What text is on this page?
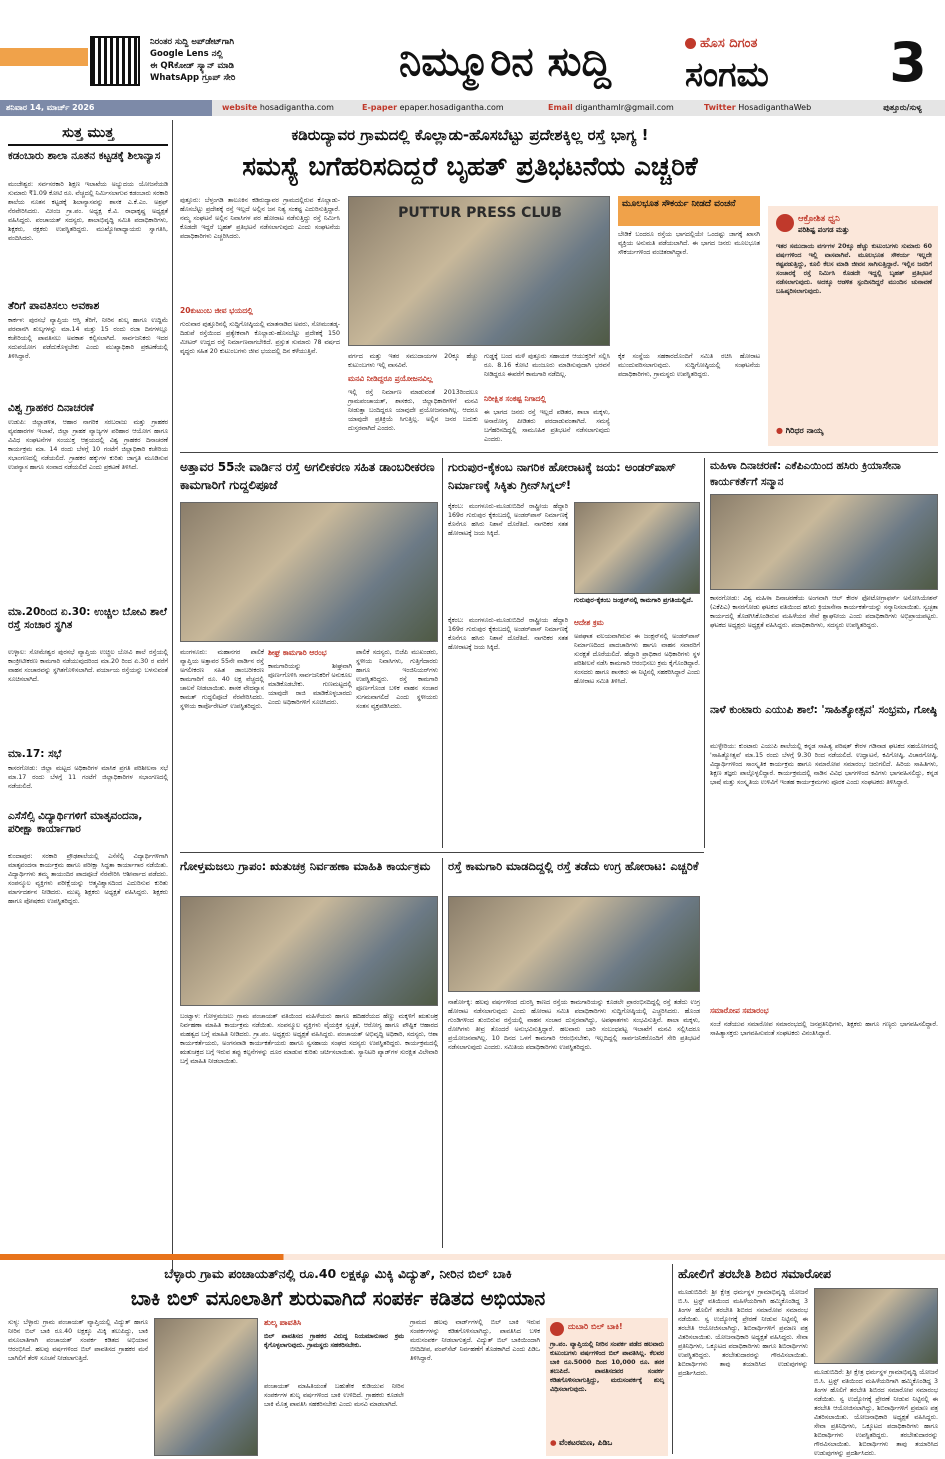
ನಿರಂತರ ಸುದ್ದಿ ಅಪ್‌ಡೇಟ್‌ಗಾಗಿ
Google Lens ನಲ್ಲಿ
ಈ QRಕೋಡ್ ಸ್ಕ್ಯಾನ್ ಮಾಡಿ
WhatsApp ಗ್ರೂಪ್ ಸೇರಿ	ನಿಮ್ಮೂರಿನ ಸುದ್ದಿ	ಹೊಸ ದಿಗಂತ
ಸಂಗಮ	3
ಶನಿವಾರ 14, ಮಾರ್ಚ್ 2026	website hosadigantha.com	E-paper epaper.hosadigantha.com	Email diganthamlr@gmail.com	Twitter HosadiganthaWeb	ಪುತ್ತೂರು/ಸುಳ್ಯ
ಸುತ್ತ ಮುತ್ತ
ಕಡಂಬಾರು ಶಾಲಾ ನೂತನ ಕಟ್ಟಡಕ್ಕೆ ಶಿಲಾನ್ಯಾಸ
ಮಂಜೇಶ್ವರ: ಸರ್ವಸರಕಾರಿ ಶಿಕ್ಷಣ ಇಲಾಖೆಯ ಅಭ್ಯುದಯ ಯೋಜನೆಯಡಿ ಸುಮಾರು ₹1.09 ಕೋಟಿ ರೂ. ವೆಚ್ಚದಲ್ಲಿ ನಿರ್ಮಿಸಲಾಗುವ ಕಡಂಬಾರು ಸರಕಾರಿ ಶಾಲೆಯ ನೂತನ ಕಟ್ಟಡಕ್ಕೆ ಶಿಲಾನ್ಯಾಸವನ್ನು ಶಾಸಕ ಎ.ಕೆ.ಎಂ. ಅಶ್ರಫ್ ನೆರವೇರಿಸಿದರು. ಮೀಂಜ ಗ್ರಾ.ಪಂ. ಅಧ್ಯಕ್ಷ ಕೆ.ವಿ. ರಾಧಾಕೃಷ್ಣ ಅಧ್ಯಕ್ಷತೆ ವಹಿಸಿದ್ದರು. ಪಂಚಾಯತ್ ಸದಸ್ಯರು, ಶಾಲಾಭಿವೃದ್ಧಿ ಸಮಿತಿ ಪದಾಧಿಕಾರಿಗಳು, ಶಿಕ್ಷಕರು, ರಕ್ಷಕರು ಉಪಸ್ಥಿತರಿದ್ದರು. ಮುಖ್ಯೋಪಾಧ್ಯಾಯರು ಸ್ವಾಗತಿಸಿ, ವಂದಿಸಿದರು.
ತೆರಿಗೆ ಪಾವತಿಸಲು ಅವಕಾಶ
ಕಾರ್ಕಳ: ಪುರಸಭೆ ವ್ಯಾಪ್ತಿಯ ಆಸ್ತಿ ತೆರಿಗೆ, ನೀರಿನ ಶುಲ್ಕ ಹಾಗೂ ಉದ್ದಿಮೆ ಪರವಾನಗಿ ಶುಲ್ಕಗಳನ್ನು ಮಾ.14 ಮತ್ತು 15 ರಂದು ರಜಾ ದಿನಗಳಲ್ಲೂ ಕಚೇರಿಯಲ್ಲಿ ಪಾವತಿಸಲು ಅವಕಾಶ ಕಲ್ಪಿಸಲಾಗಿದೆ. ಸಾರ್ವಜನಿಕರು ಇದರ ಸದುಪಯೋಗ ಪಡೆದುಕೊಳ್ಳಬೇಕು ಎಂದು ಮುಖ್ಯಾಧಿಕಾರಿ ಪ್ರಕಟಣೆಯಲ್ಲಿ ತಿಳಿಸಿದ್ದಾರೆ.
ವಿಶ್ವ ಗ್ರಾಹಕರ ದಿನಾಚರಣೆ
ಉಡುಪಿ: ಜಿಲ್ಲಾಡಳಿತ, ಆಹಾರ ನಾಗರಿಕ ಸರಬರಾಜು ಮತ್ತು ಗ್ರಾಹಕರ ವ್ಯವಹಾರಗಳ ಇಲಾಖೆ, ಜಿಲ್ಲಾ ಗ್ರಾಹಕ ವ್ಯಾಜ್ಯಗಳ ಪರಿಹಾರ ಆಯೋಗ ಹಾಗೂ ವಿವಿಧ ಸಂಘಟನೆಗಳ ಸಂಯುಕ್ತ ಆಶ್ರಯದಲ್ಲಿ ವಿಶ್ವ ಗ್ರಾಹಕರ ದಿನಾಚರಣೆ ಕಾರ್ಯಕ್ರಮ ಮಾ. 14 ರಂದು ಬೆಳಗ್ಗೆ 10 ಗಂಟೆಗೆ ಜಿಲ್ಲಾಧಿಕಾರಿ ಕಚೇರಿಯ ಸಭಾಂಗಣದಲ್ಲಿ ನಡೆಯಲಿದೆ. ಗ್ರಾಹಕರ ಹಕ್ಕುಗಳ ಕುರಿತು ಜಾಗೃತಿ ಮೂಡಿಸುವ ಉಪನ್ಯಾಸ ಹಾಗೂ ಸಂವಾದ ನಡೆಯಲಿದೆ ಎಂದು ಪ್ರಕಟಣೆ ತಿಳಿಸಿದೆ.
ಮಾ.20ರಿಂದ ಏ.30: ಉಚ್ಚಿಲ ಬೋವಿ ಶಾಲೆ ರಸ್ತೆ ಸಂಚಾರ ಸ್ಥಗಿತ
ಉಳ್ಳಾಲ: ಸೋಮೇಶ್ವರ ಪುರಸಭೆ ವ್ಯಾಪ್ತಿಯ ಉಚ್ಚಿಲ ಬೋವಿ ಶಾಲೆ ರಸ್ತೆಯಲ್ಲಿ ಕಾಂಕ್ರೀಟೀಕರಣ ಕಾಮಗಾರಿ ನಡೆಯುವುದರಿಂದ ಮಾ.20 ರಿಂದ ಏ.30 ರ ವರೆಗೆ ವಾಹನ ಸಂಚಾರವನ್ನು ಸ್ಥಗಿತಗೊಳಿಸಲಾಗಿದೆ. ಪರ್ಯಾಯ ರಸ್ತೆಯನ್ನು ಬಳಸುವಂತೆ ಸೂಚಿಸಲಾಗಿದೆ.
ಮಾ.17: ಸಭೆ
ಕಾಸರಗೋಡು: ಜಿಲ್ಲಾ ಮಟ್ಟದ ಅಧಿಕಾರಿಗಳ ಮಾಸಿಕ ಪ್ರಗತಿ ಪರಿಶೀಲನಾ ಸಭೆ ಮಾ.17 ರಂದು ಬೆಳಗ್ಗೆ 11 ಗಂಟೆಗೆ ಜಿಲ್ಲಾಧಿಕಾರಿಗಳ ಸಭಾಂಗಣದಲ್ಲಿ ನಡೆಯಲಿದೆ.
ಎಸೆಸೆಲ್ಸಿ ವಿದ್ಯಾರ್ಥಿಗಳಿಗೆ ಮಾತೃವಂದನಾ, ಪರೀಕ್ಷಾ ಕಾರ್ಯಾಗಾರ
ಕುಂದಾಪುರ: ಸರಕಾರಿ ಪ್ರೌಢಶಾಲೆಯಲ್ಲಿ ಎಸೆಸೆಲ್ಸಿ ವಿದ್ಯಾರ್ಥಿಗಳಿಗಾಗಿ ಮಾತೃವಂದನಾ ಕಾರ್ಯಕ್ರಮ ಹಾಗೂ ಪರೀಕ್ಷಾ ಸಿದ್ಧತಾ ಕಾರ್ಯಾಗಾರ ನಡೆಯಿತು. ವಿದ್ಯಾರ್ಥಿಗಳು ತಮ್ಮ ತಾಯಂದಿರ ಪಾದಪೂಜೆ ನೆರವೇರಿಸಿ ಆಶೀರ್ವಾದ ಪಡೆದರು. ಸಂಪನ್ಮೂಲ ವ್ಯಕ್ತಿಗಳು ಪರೀಕ್ಷೆಯನ್ನು ಆತ್ಮವಿಶ್ವಾಸದಿಂದ ಎದುರಿಸುವ ಕುರಿತು ಮಾರ್ಗದರ್ಶನ ನೀಡಿದರು. ಮುಖ್ಯ ಶಿಕ್ಷಕರು ಅಧ್ಯಕ್ಷತೆ ವಹಿಸಿದ್ದರು. ಶಿಕ್ಷಕರು ಹಾಗೂ ಪೋಷಕರು ಉಪಸ್ಥಿತರಿದ್ದರು.
ಕಡಿರುದ್ಯಾವರ ಗ್ರಾಮದಲ್ಲಿ ಕೊಲ್ಲಾಡು-ಹೊಸಬೆಟ್ಟು ಪ್ರದೇಶಕ್ಕಿಲ್ಲ ರಸ್ತೆ ಭಾಗ್ಯ !
ಸಮಸ್ಯೆ ಬಗೆಹರಿಸದಿದ್ದರೆ ಬೃಹತ್ ಪ್ರತಿಭಟನೆಯ ಎಚ್ಚರಿಕೆ
ಪುತ್ತೂರು: ಬೆಳ್ತಂಗಡಿ ತಾಲೂಕಿನ ಕಡಿರುದ್ಯಾವರ ಗ್ರಾಮದಲ್ಲಿರುವ ಕೊಲ್ಲಾಡು-ಹೊಸಬೆಟ್ಟು ಪ್ರದೇಶಕ್ಕೆ ರಸ್ತೆ ಇಲ್ಲದೆ ಅಲ್ಲಿನ ಜನ ನಿತ್ಯ ಸಂಕಷ್ಟ ಎದುರಿಸುತ್ತಿದ್ದಾರೆ. ನಮ್ಮ ಸಂಘಟನೆ ಅಲ್ಲಿನ ನಿವಾಸಿಗಳ ಪರ ಹೋರಾಟ ನಡೆಸುತ್ತಿದ್ದು ರಸ್ತೆ ನಿರ್ಮಿಸಿ ಕೊಡದೇ ಇದ್ದರೆ ಬೃಹತ್ ಪ್ರತಿಭಟನೆ ನಡೆಸಲಾಗುವುದು ಎಂದು ಸಂಘಟನೆಯ ಪದಾಧಿಕಾರಿಗಳು ಎಚ್ಚರಿಸಿದರು.
20ಕುಟುಂಬ ಜೀವ ಭಯದಲ್ಲಿ
ಗುರುವಾರ ಪುತ್ತೂರಿನಲ್ಲಿ ಸುದ್ದಿಗೋಷ್ಠಿಯಲ್ಲಿ ಮಾತನಾಡಿದ ಅವರು, ಸೋಮಂತಡ್ಕ-ದಿಡುಪೆ ರಸ್ತೆಯಿಂದ ಪ್ರತ್ಯೇಕವಾಗಿ ಕೊಲ್ಲಾಡು-ಹೊಸಬೆಟ್ಟು ಪ್ರದೇಶಕ್ಕೆ 150 ಮೀಟರ್ ಉದ್ದದ ರಸ್ತೆ ನಿರ್ಮಾಣವಾಗಬೇಕಿದೆ. ಪ್ರಸ್ತುತ ಸುಮಾರು 78 ವರ್ಷದ ವೃದ್ಧರು ಸಹಿತ 20 ಕುಟುಂಬಗಳು ಜೀವ ಭಯದಲ್ಲಿ ದಿನ ಕಳೆಯುತ್ತಿವೆ.
PUTTUR PRESS CLUB
ವರ್ಗದ ಮತ್ತು ಇತರ ಸಮುದಾಯಗಳ 20ಕ್ಕೂ ಹೆಚ್ಚು ಕುಟುಂಬಗಳು ಇಲ್ಲಿ ವಾಸವಿವೆ.
ಮನವಿ ನೀಡಿದ್ದರೂ ಪ್ರಯೋಜನವಿಲ್ಲ
ಇಲ್ಲಿ ರಸ್ತೆ ನಿರ್ಮಾಣ ಮಾಡುವಂತೆ 2013ರಿಂದಲೂ ಗ್ರಾಮಪಂಚಾಯತ್, ಶಾಸಕರು, ಜಿಲ್ಲಾಧಿಕಾರಿಗಳಿಗೆ ಮನವಿ ನೀಡುತ್ತಾ ಬಂದಿದ್ದರೂ ಯಾವುದೇ ಪ್ರಯೋಜನವಾಗಿಲ್ಲ. ಆದರೂ ಯಾವುದೇ ಪ್ರತಿಕ್ರಿಯೆ ಸಿಗುತ್ತಿಲ್ಲ. ಅಲ್ಲಿನ ಜನರ ಬದುಕು ದುಸ್ತರವಾಗಿದೆ ಎಂದರು.
ಗುಡ್ಡಕ್ಕೆ ಬಂದ ಮಳೆ ಪುತ್ತೂರು ಸಹಾಯಕ ಆಯುಕ್ತರಿಗೆ ಸಲ್ಲಿಸಿ ರೂ. 8.16 ಕೋಟಿ ಮಂಜೂರು ಮಾಡಿಸುವುದಾಗಿ ಭರವಸೆ ನೀಡಿದ್ದರೂ ಈವರೆಗೆ ಕಾಮಗಾರಿ ನಡೆದಿಲ್ಲ.
ನಿರೀಕ್ಷಿತ ಸಂಕಷ್ಟ ನಿಗಾದಲ್ಲಿ
ಈ ಭಾಗದ ಜನರು ರಸ್ತೆ ಇಲ್ಲದೆ ಪಡಿತರ, ಶಾಲಾ ಮಕ್ಕಳು, ಅನಾರೋಗ್ಯ ಪೀಡಿತರು ಪರದಾಡುವಂತಾಗಿದೆ. ಸಮಸ್ಯೆ ಬಗೆಹರಿಸದಿದ್ದಲ್ಲಿ ಸಾಮೂಹಿಕ ಪ್ರತಿಭಟನೆ ನಡೆಸಲಾಗುವುದು ಎಂದರು.
ಮೂಲಭೂತ ಸೌಕರ್ಯ ನೀಡದೆ ವಂಚನೆ
ಬೇಡಿಕೆ ಬಂದರೂ ರಸ್ತೆಯ ಭಾಗದಲ್ಲಿಯೇ ಒಂದಷ್ಟು ಜಾಗಕ್ಕೆ ಖಾಸಗಿ ವ್ಯಕ್ತಿಯ ಅನುಮತಿ ಪಡೆಯಲಾಗಿದೆ. ಈ ಭಾಗದ ಜನರು ಮೂಲಭೂತ ಸೌಕರ್ಯಗಳಿಂದ ವಂಚಿತರಾಗಿದ್ದಾರೆ.
ಕೈಕ ಸಂಸ್ಥೆಯ ಸಹಕಾರದೊಂದಿಗೆ ಸಮಿತಿ ರಚಿಸಿ ಹೋರಾಟ ಮುಂದುವರಿಸಲಾಗುವುದು. ಸುದ್ದಿಗೋಷ್ಠಿಯಲ್ಲಿ ಸಂಘಟನೆಯ ಪದಾಧಿಕಾರಿಗಳು, ಗ್ರಾಮಸ್ಥರು ಉಪಸ್ಥಿತರಿದ್ದರು.
ಆಕ್ರೋಶಿತ ಧ್ವನಿ
ಪರಿಶಿಷ್ಟ ಪಂಗಡ ಮತ್ತು
ಇತರ ಸಮುದಾಯ ವರ್ಗಗಳ 20ಕ್ಕೂ ಹೆಚ್ಚು ಕುಟುಂಬಗಳು ಸುಮಾರು 60 ವರ್ಷಗಳಿಂದ ಇಲ್ಲಿ ವಾಸವಾಗಿವೆ. ಮೂಲಭೂತ ಸೌಕರ್ಯ ಇಲ್ಲದೇ ಕಷ್ಟಪಡುತ್ತಿದ್ದು, ಕೂಲಿ ಕೆಲಸ ಮಾಡಿ ಜೀವನ ಸಾಗಿಸುತ್ತಿದ್ದಾರೆ. ಇಲ್ಲಿನ ಜನರಿಗೆ ಸಂಚಾರಕ್ಕೆ ರಸ್ತೆ ನಿರ್ಮಿಸಿ ಕೊಡದೇ ಇದ್ದಲ್ಲಿ ಬೃಹತ್ ಪ್ರತಿಭಟನೆ ನಡೆಸಲಾಗುವುದು. ಅದಕ್ಕೂ ಆಡಳಿತ ಸ್ಪಂದಿಸದಿದ್ದರೆ ಮುಂದಿನ ಚುನಾವಣೆ ಬಹಿಷ್ಕರಿಸಲಾಗುವುದು.
● ಗಿರಿಧರ ನಾಯ್ಕ
ಅತ್ತಾವರ 55ನೇ ವಾರ್ಡಿನ ರಸ್ತೆ ಅಗಲೀಕರಣ ಸಹಿತ ಡಾಂಬರೀಕರಣ ಕಾಮಗಾರಿಗೆ ಗುದ್ದಲಿಪೂಜೆ
ಮಂಗಳೂರು: ಮಹಾನಗರ ಪಾಲಿಕೆ ವ್ಯಾಪ್ತಿಯ ಅತ್ತಾವರ 55ನೇ ವಾರ್ಡಿನ ರಸ್ತೆ ಅಗಲೀಕರಣ ಸಹಿತ ಡಾಂಬರೀಕರಣ ಕಾಮಗಾರಿಗೆ ರೂ. 40 ಲಕ್ಷ ವೆಚ್ಚದಲ್ಲಿ ಚಾಲನೆ ನೀಡಲಾಯಿತು. ಶಾಸಕ ವೇದವ್ಯಾಸ ಕಾಮತ್ ಗುದ್ದಲಿಪೂಜೆ ನೆರವೇರಿಸಿದರು. ಸ್ಥಳೀಯ ಕಾರ್ಪೊರೇಟರ್ ಉಪಸ್ಥಿತರಿದ್ದರು.
ಶೀಘ್ರ ಕಾಮಗಾರಿ ಆರಂಭ
ಕಾಮಗಾರಿಯನ್ನು ಶೀಘ್ರವಾಗಿ ಪೂರ್ಣಗೊಳಿಸಿ ಸಾರ್ವಜನಿಕರಿಗೆ ಅನುಕೂಲ ಮಾಡಿಕೊಡಬೇಕು. ಗುಣಮಟ್ಟದಲ್ಲಿ ಯಾವುದೇ ರಾಜಿ ಮಾಡಿಕೊಳ್ಳಬಾರದು ಎಂದು ಅಧಿಕಾರಿಗಳಿಗೆ ಸೂಚಿಸಿದರು.
ಪಾಲಿಕೆ ಸದಸ್ಯರು, ಬಿಜೆಪಿ ಮುಖಂಡರು, ಸ್ಥಳೀಯ ನಿವಾಸಿಗಳು, ಗುತ್ತಿಗೆದಾರರು ಹಾಗೂ ಇಂಜಿನಿಯರ್‌ಗಳು ಉಪಸ್ಥಿತರಿದ್ದರು. ರಸ್ತೆ ಕಾಮಗಾರಿ ಪೂರ್ಣಗೊಂಡ ಬಳಿಕ ವಾಹನ ಸಂಚಾರ ಸುಗಮವಾಗಲಿದೆ ಎಂದು ಸ್ಥಳೀಯರು ಸಂತಸ ವ್ಯಕ್ತಪಡಿಸಿದರು.
ಗುರುಪುರ-ಕೈಕಂಬ ನಾಗರಿಕ ಹೋರಾಟಕ್ಕೆ ಜಯ: ಅಂಡರ್‌ಪಾಸ್ ನಿರ್ಮಾಣಕ್ಕೆ ಸಿಕ್ಕಿತು ಗ್ರೀನ್‌ಸಿಗ್ನಲ್!
ಕೈಕಂಬ: ಮಂಗಳೂರು-ಮೂಡುಬಿದಿರೆ ರಾಷ್ಟ್ರೀಯ ಹೆದ್ದಾರಿ 169ರ ಗುರುಪುರ ಕೈಕಂಬದಲ್ಲಿ ಅಂಡರ್‌ಪಾಸ್ ನಿರ್ಮಾಣಕ್ಕೆ ಕೊನೆಗೂ ಹಸಿರು ನಿಶಾನೆ ದೊರೆತಿದೆ. ನಾಗರಿಕರ ಸತತ ಹೋರಾಟಕ್ಕೆ ಜಯ ಸಿಕ್ಕಿದೆ.
ಗುರುಪುರ-ಕೈಕಂಬ ಜಂಕ್ಷನ್‌ನಲ್ಲಿ ಕಾಮಗಾರಿ ಪ್ರಗತಿಯಲ್ಲಿದೆ.
ಆದೇಶ ಕ್ರಮ
ಅಪಘಾತ ವಲಯವಾಗಿರುವ ಈ ಜಂಕ್ಷನ್‌ನಲ್ಲಿ ಅಂಡರ್‌ಪಾಸ್ ನಿರ್ಮಾಣದಿಂದ ಪಾದಚಾರಿಗಳು ಹಾಗೂ ವಾಹನ ಸವಾರರಿಗೆ ಸುರಕ್ಷತೆ ದೊರೆಯಲಿದೆ. ಹೆದ್ದಾರಿ ಪ್ರಾಧಿಕಾರ ಅಧಿಕಾರಿಗಳು ಸ್ಥಳ ಪರಿಶೀಲನೆ ನಡೆಸಿ ಕಾಮಗಾರಿ ಆರಂಭಿಸಲು ಕ್ರಮ ಕೈಗೊಂಡಿದ್ದಾರೆ. ಸಂಸದರು ಹಾಗೂ ಶಾಸಕರು ಈ ನಿಟ್ಟಿನಲ್ಲಿ ಸಹಕರಿಸಿದ್ದಾರೆ ಎಂದು ಹೋರಾಟ ಸಮಿತಿ ತಿಳಿಸಿದೆ.
ಕೈಕಂಬ: ಮಂಗಳೂರು-ಮೂಡುಬಿದಿರೆ ರಾಷ್ಟ್ರೀಯ ಹೆದ್ದಾರಿ 169ರ ಗುರುಪುರ ಕೈಕಂಬದಲ್ಲಿ ಅಂಡರ್‌ಪಾಸ್ ನಿರ್ಮಾಣಕ್ಕೆ ಕೊನೆಗೂ ಹಸಿರು ನಿಶಾನೆ ದೊರೆತಿದೆ. ನಾಗರಿಕರ ಸತತ ಹೋರಾಟಕ್ಕೆ ಜಯ ಸಿಕ್ಕಿದೆ.
ಮಹಿಳಾ ದಿನಾಚರಣೆ: ಎಕೆಪಿಎಯಿಂದ ಹಸಿರು ಕ್ರಿಯಾಸೇನಾ ಕಾರ್ಯಕರ್ತೆಗೆ ಸನ್ಮಾನ
ಕಾಸರಗೋಡು: ವಿಶ್ವ ಮಹಿಳಾ ದಿನಾಚರಣೆಯ ಅಂಗವಾಗಿ ಆಲ್ ಕೇರಳ ಫೋಟೋಗ್ರಾಫರ್ಸ್ ಅಸೋಸಿಯೇಶನ್ (ಎಕೆಪಿಎ) ಕಾಸರಗೋಡು ಘಟಕದ ವತಿಯಿಂದ ಹಸಿರು ಕ್ರಿಯಾಸೇನಾ ಕಾರ್ಯಕರ್ತೆಯನ್ನು ಸನ್ಮಾನಿಸಲಾಯಿತು. ಸ್ವಚ್ಛತಾ ಕಾರ್ಯದಲ್ಲಿ ತೊಡಗಿಸಿಕೊಂಡಿರುವ ಮಹಿಳೆಯರ ಸೇವೆ ಶ್ಲಾಘನೀಯ ಎಂದು ಪದಾಧಿಕಾರಿಗಳು ಅಭಿಪ್ರಾಯಪಟ್ಟರು. ಘಟಕದ ಅಧ್ಯಕ್ಷರು ಅಧ್ಯಕ್ಷತೆ ವಹಿಸಿದ್ದರು. ಪದಾಧಿಕಾರಿಗಳು, ಸದಸ್ಯರು ಉಪಸ್ಥಿತರಿದ್ದರು.
ನಾಳೆ ಕುಂಟಾರು ಎಯುಪಿ ಶಾಲೆ: 'ಸಾಹಿತ್ಯೋತ್ಸವ' ಸಂಭ್ರಮ, ಗೋಷ್ಠಿ
ಮುಳ್ಳೇರಿಯ: ಕುಂಟಾರು ಎಯುಪಿ ಶಾಲೆಯಲ್ಲಿ ಕನ್ನಡ ಸಾಹಿತ್ಯ ಪರಿಷತ್ ಕೇರಳ ಗಡಿನಾಡ ಘಟಕದ ಸಹಯೋಗದಲ್ಲಿ 'ಸಾಹಿತ್ಯೋತ್ಸವ' ಮಾ.15 ರಂದು ಬೆಳಗ್ಗೆ 9.30 ರಿಂದ ನಡೆಯಲಿದೆ. ಉದ್ಘಾಟನೆ, ಕವಿಗೋಷ್ಠಿ, ವಿಚಾರಗೋಷ್ಠಿ, ವಿದ್ಯಾರ್ಥಿಗಳಿಂದ ಸಾಂಸ್ಕೃತಿಕ ಕಾರ್ಯಕ್ರಮ ಹಾಗೂ ಸಮಾರೋಪ ಸಮಾರಂಭ ಜರುಗಲಿದೆ. ಹಿರಿಯ ಸಾಹಿತಿಗಳು, ಶಿಕ್ಷಣ ತಜ್ಞರು ಪಾಲ್ಗೊಳ್ಳಲಿದ್ದಾರೆ. ಕಾರ್ಯಕ್ರಮದಲ್ಲಿ ನಾಡಿನ ವಿವಿಧ ಭಾಗಗಳಿಂದ ಕವಿಗಳು ಭಾಗವಹಿಸಲಿದ್ದು, ಕನ್ನಡ ಭಾಷೆ ಮತ್ತು ಸಂಸ್ಕೃತಿಯ ಉಳಿವಿಗೆ ಇಂತಹ ಕಾರ್ಯಕ್ರಮಗಳು ಪೂರಕ ಎಂದು ಸಂಘಟಕರು ತಿಳಿಸಿದ್ದಾರೆ.
ಸಮಾರೋಪ ಸಮಾರಂಭ
ಸಂಜೆ ನಡೆಯುವ ಸಮಾರೋಪ ಸಮಾರಂಭದಲ್ಲಿ ಜನಪ್ರತಿನಿಧಿಗಳು, ಶಿಕ್ಷಕರು ಹಾಗೂ ಗಣ್ಯರು ಭಾಗವಹಿಸಲಿದ್ದಾರೆ. ಸಾಹಿತ್ಯಾಸಕ್ತರು ಭಾಗವಹಿಸುವಂತೆ ಸಂಘಟಕರು ವಿನಂತಿಸಿದ್ದಾರೆ.
ಗೋಳ್ತಮಜಲು ಗ್ರಾಪಂ: ಋತುಚಕ್ರ ನಿರ್ವಹಣಾ ಮಾಹಿತಿ ಕಾರ್ಯಕ್ರಮ
ಬಂಟ್ವಾಳ: ಗೋಳ್ತಮಜಲು ಗ್ರಾಮ ಪಂಚಾಯತ್ ವತಿಯಿಂದ ಮಹಿಳೆಯರು ಹಾಗೂ ಹದಿಹರೆಯದ ಹೆಣ್ಣು ಮಕ್ಕಳಿಗೆ ಋತುಚಕ್ರ ನಿರ್ವಹಣಾ ಮಾಹಿತಿ ಕಾರ್ಯಕ್ರಮ ನಡೆಯಿತು. ಸಂಪನ್ಮೂಲ ವ್ಯಕ್ತಿಗಳು ವೈಯಕ್ತಿಕ ಸ್ವಚ್ಛತೆ, ಆರೋಗ್ಯ ಹಾಗೂ ಪೌಷ್ಟಿಕ ಆಹಾರದ ಮಹತ್ವದ ಬಗ್ಗೆ ಮಾಹಿತಿ ನೀಡಿದರು. ಗ್ರಾ.ಪಂ. ಅಧ್ಯಕ್ಷರು ಅಧ್ಯಕ್ಷತೆ ವಹಿಸಿದ್ದರು. ಪಂಚಾಯತ್ ಅಭಿವೃದ್ಧಿ ಅಧಿಕಾರಿ, ಸದಸ್ಯರು, ಆಶಾ ಕಾರ್ಯಕರ್ತೆಯರು, ಅಂಗನವಾಡಿ ಕಾರ್ಯಕರ್ತೆಯರು ಹಾಗೂ ಸ್ವಸಹಾಯ ಸಂಘದ ಸದಸ್ಯರು ಉಪಸ್ಥಿತರಿದ್ದರು. ಕಾರ್ಯಕ್ರಮದಲ್ಲಿ ಋತುಚಕ್ರದ ಬಗ್ಗೆ ಇರುವ ತಪ್ಪು ಕಲ್ಪನೆಗಳನ್ನು ದೂರ ಮಾಡುವ ಕುರಿತು ಚರ್ಚಿಸಲಾಯಿತು. ಸ್ಯಾನಿಟರಿ ಪ್ಯಾಡ್‌ಗಳ ಸುರಕ್ಷಿತ ವಿಲೇವಾರಿ ಬಗ್ಗೆ ಮಾಹಿತಿ ನೀಡಲಾಯಿತು.
ರಸ್ತೆ ಕಾಮಗಾರಿ ಮಾಡದಿದ್ದಲ್ಲಿ ರಸ್ತೆ ತಡೆದು ಉಗ್ರ ಹೋರಾಟ: ಎಚ್ಚರಿಕೆ
ನಾರ್ಶೋಕ್ಕಿ: ಹಲವು ವರ್ಷಗಳಿಂದ ದುರಸ್ತಿ ಕಾಣದ ರಸ್ತೆಯ ಕಾಮಗಾರಿಯನ್ನು ಕೂಡಲೇ ಪ್ರಾರಂಭಿಸದಿದ್ದಲ್ಲಿ ರಸ್ತೆ ತಡೆದು ಉಗ್ರ ಹೋರಾಟ ನಡೆಸಲಾಗುವುದು ಎಂದು ಹೋರಾಟ ಸಮಿತಿ ಪದಾಧಿಕಾರಿಗಳು ಸುದ್ದಿಗೋಷ್ಠಿಯಲ್ಲಿ ಎಚ್ಚರಿಸಿದರು. ಹೊಂಡ ಗುಂಡಿಗಳಿಂದ ತುಂಬಿರುವ ರಸ್ತೆಯಲ್ಲಿ ವಾಹನ ಸಂಚಾರ ದುಸ್ತರವಾಗಿದ್ದು, ಅಪಘಾತಗಳು ಸಂಭವಿಸುತ್ತಿವೆ. ಶಾಲಾ ಮಕ್ಕಳು, ರೋಗಿಗಳು ತೀವ್ರ ತೊಂದರೆ ಅನುಭವಿಸುತ್ತಿದ್ದಾರೆ. ಹಲವಾರು ಬಾರಿ ಸಂಬಂಧಪಟ್ಟ ಇಲಾಖೆಗೆ ಮನವಿ ಸಲ್ಲಿಸಿದರೂ ಪ್ರಯೋಜನವಾಗಿಲ್ಲ. 10 ದಿನದ ಒಳಗೆ ಕಾಮಗಾರಿ ಆರಂಭಿಸಬೇಕು, ಇಲ್ಲದಿದ್ದಲ್ಲಿ ಸಾರ್ವಜನಿಕರೊಂದಿಗೆ ಸೇರಿ ಪ್ರತಿಭಟನೆ ನಡೆಸಲಾಗುವುದು ಎಂದರು. ಸಮಿತಿಯ ಪದಾಧಿಕಾರಿಗಳು ಉಪಸ್ಥಿತರಿದ್ದರು.
ಬೆಳ್ಳಾರು ಗ್ರಾಮ ಪಂಚಾಯತ್‌ನಲ್ಲಿ ರೂ.40 ಲಕ್ಷಕ್ಕೂ ಮಿಕ್ಕಿ ವಿದ್ಯುತ್, ನೀರಿನ ಬಿಲ್ ಬಾಕಿ
ಬಾಕಿ ಬಿಲ್ ವಸೂಲಾತಿಗೆ ಶುರುವಾಗಿದೆ ಸಂಪರ್ಕ ಕಡಿತದ ಅಭಿಯಾನ
ಸುಳ್ಯ: ಬೆಳ್ಳಾರು ಗ್ರಾಮ ಪಂಚಾಯತ್ ವ್ಯಾಪ್ತಿಯಲ್ಲಿ ವಿದ್ಯುತ್ ಹಾಗೂ ನೀರಿನ ಬಿಲ್ ಬಾಕಿ ರೂ.40 ಲಕ್ಷಕ್ಕೂ ಮಿಕ್ಕಿ ತಲುಪಿದ್ದು, ಬಾಕಿ ವಸೂಲಾತಿಗಾಗಿ ಪಂಚಾಯತ್ ಸಂಪರ್ಕ ಕಡಿತದ ಅಭಿಯಾನ ಆರಂಭಿಸಿದೆ. ಹಲವು ವರ್ಷಗಳಿಂದ ಬಿಲ್ ಪಾವತಿಸದ ಗ್ರಾಹಕರ ಮನೆ ಬಾಗಿಲಿಗೆ ತೆರಳಿ ಸೂಚನೆ ನೀಡಲಾಗುತ್ತಿದೆ.
ಶುಲ್ಕ ಪಾವತಿಸಿ
ಬಿಲ್ ಪಾವತಿಸದ ಗ್ರಾಹಕರ ವಿರುದ್ಧ ನಿಯಮಾನುಸಾರ ಕ್ರಮ ಕೈಗೊಳ್ಳಲಾಗುವುದು. ಗ್ರಾಮಸ್ಥರು ಸಹಕರಿಸಬೇಕು.
ಪಂಚಾಯತ್ ಮಾಹಿತಿಯಂತೆ ಬಹುತೇಕ ಕುಡಿಯುವ ನೀರಿನ ಸಂಪರ್ಕಗಳ ಶುಲ್ಕ ವರ್ಷಗಳಿಂದ ಬಾಕಿ ಉಳಿದಿದೆ. ಗ್ರಾಹಕರು ಕೂಡಲೇ ಬಾಕಿ ಮೊತ್ತ ಪಾವತಿಸಿ ಸಹಕರಿಸಬೇಕು ಎಂದು ಮನವಿ ಮಾಡಲಾಗಿದೆ.
ಗ್ರಾಮದ ಹಲವು ವಾರ್ಡ್‌ಗಳಲ್ಲಿ ಬಿಲ್ ಬಾಕಿ ಇರುವ ಸಂಪರ್ಕಗಳನ್ನು ಕಡಿತಗೊಳಿಸಲಾಗಿದ್ದು, ಪಾವತಿಸಿದ ಬಳಿಕ ಮರುಸಂಪರ್ಕ ನೀಡಲಾಗುತ್ತದೆ. ವಿದ್ಯುತ್ ಬಿಲ್ ಬಾಕಿಯಿಂದಾಗಿ ಬೀದಿದೀಪ, ಪಂಪ್‌ಸೆಟ್ ನಿರ್ವಹಣೆಗೆ ತೊಡಕಾಗಿದೆ ಎಂದು ಪಿಡಿಒ ತಿಳಿಸಿದ್ದಾರೆ.
ದುಬಾರಿ ಬಿಲ್ ಬಾಕಿ!
ಗ್ರಾ.ಪಂ. ವ್ಯಾಪ್ತಿಯಲ್ಲಿ ನೀರಿನ ಸಂಪರ್ಕ ಪಡೆದ ಹಲವಾರು ಕುಟುಂಬಗಳು ವರ್ಷಗಳಿಂದ ಬಿಲ್ ಪಾವತಿಸಿಲ್ಲ. ಕೆಲವರ ಬಾಕಿ ರೂ.5000 ದಿಂದ 10,000 ರೂ. ತನಕ ತಲುಪಿದೆ. ಪಾವತಿಸದವರ ಸಂಪರ್ಕ ಕಡಿತಗೊಳಿಸಲಾಗುತ್ತಿದ್ದು, ಮರುಸಂಪರ್ಕಕ್ಕೆ ಶುಲ್ಕ ವಿಧಿಸಲಾಗುವುದು.
● ವೆಂಕಟರಮಣ, ಪಿಡಿಒ
ಹೋಲಿಗೆ ತರಬೇತಿ ಶಿಬಿರ ಸಮಾರೋಪ
ಮೂಡುಬಿದಿರೆ: ಶ್ರೀ ಕ್ಷೇತ್ರ ಧರ್ಮಸ್ಥಳ ಗ್ರಾಮಾಭಿವೃದ್ಧಿ ಯೋಜನೆ ಬಿ.ಸಿ. ಟ್ರಸ್ಟ್ ವತಿಯಿಂದ ಮಹಿಳೆಯರಿಗಾಗಿ ಹಮ್ಮಿಕೊಂಡಿದ್ದ 3 ತಿಂಗಳ ಹೊಲಿಗೆ ತರಬೇತಿ ಶಿಬಿರದ ಸಮಾರೋಪ ಸಮಾರಂಭ ನಡೆಯಿತು. ಸ್ವ ಉದ್ಯೋಗಕ್ಕೆ ಪ್ರೇರಣೆ ನೀಡುವ ನಿಟ್ಟಿನಲ್ಲಿ ಈ ತರಬೇತಿ ಆಯೋಜಿಸಲಾಗಿದ್ದು, ಶಿಬಿರಾರ್ಥಿಗಳಿಗೆ ಪ್ರಮಾಣ ಪತ್ರ ವಿತರಿಸಲಾಯಿತು. ಯೋಜನಾಧಿಕಾರಿ ಅಧ್ಯಕ್ಷತೆ ವಹಿಸಿದ್ದರು. ಸೇವಾ ಪ್ರತಿನಿಧಿಗಳು, ಒಕ್ಕೂಟದ ಪದಾಧಿಕಾರಿಗಳು ಹಾಗೂ ಶಿಬಿರಾರ್ಥಿಗಳು ಉಪಸ್ಥಿತರಿದ್ದರು. ತರಬೇತುದಾರರನ್ನು ಗೌರವಿಸಲಾಯಿತು. ಶಿಬಿರಾರ್ಥಿಗಳು ತಾವು ತಯಾರಿಸಿದ ಉಡುಪುಗಳನ್ನು ಪ್ರದರ್ಶಿಸಿದರು.	ಮೂಡುಬಿದಿರೆ: ಶ್ರೀ ಕ್ಷೇತ್ರ ಧರ್ಮಸ್ಥಳ ಗ್ರಾಮಾಭಿವೃದ್ಧಿ ಯೋಜನೆ ಬಿ.ಸಿ. ಟ್ರಸ್ಟ್ ವತಿಯಿಂದ ಮಹಿಳೆಯರಿಗಾಗಿ ಹಮ್ಮಿಕೊಂಡಿದ್ದ 3 ತಿಂಗಳ ಹೊಲಿಗೆ ತರಬೇತಿ ಶಿಬಿರದ ಸಮಾರೋಪ ಸಮಾರಂಭ ನಡೆಯಿತು. ಸ್ವ ಉದ್ಯೋಗಕ್ಕೆ ಪ್ರೇರಣೆ ನೀಡುವ ನಿಟ್ಟಿನಲ್ಲಿ ಈ ತರಬೇತಿ ಆಯೋಜಿಸಲಾಗಿದ್ದು, ಶಿಬಿರಾರ್ಥಿಗಳಿಗೆ ಪ್ರಮಾಣ ಪತ್ರ ವಿತರಿಸಲಾಯಿತು. ಯೋಜನಾಧಿಕಾರಿ ಅಧ್ಯಕ್ಷತೆ ವಹಿಸಿದ್ದರು. ಸೇವಾ ಪ್ರತಿನಿಧಿಗಳು, ಒಕ್ಕೂಟದ ಪದಾಧಿಕಾರಿಗಳು ಹಾಗೂ ಶಿಬಿರಾರ್ಥಿಗಳು ಉಪಸ್ಥಿತರಿದ್ದರು. ತರಬೇತುದಾರರನ್ನು ಗೌರವಿಸಲಾಯಿತು. ಶಿಬಿರಾರ್ಥಿಗಳು ತಾವು ತಯಾರಿಸಿದ ಉಡುಪುಗಳನ್ನು ಪ್ರದರ್ಶಿಸಿದರು.
